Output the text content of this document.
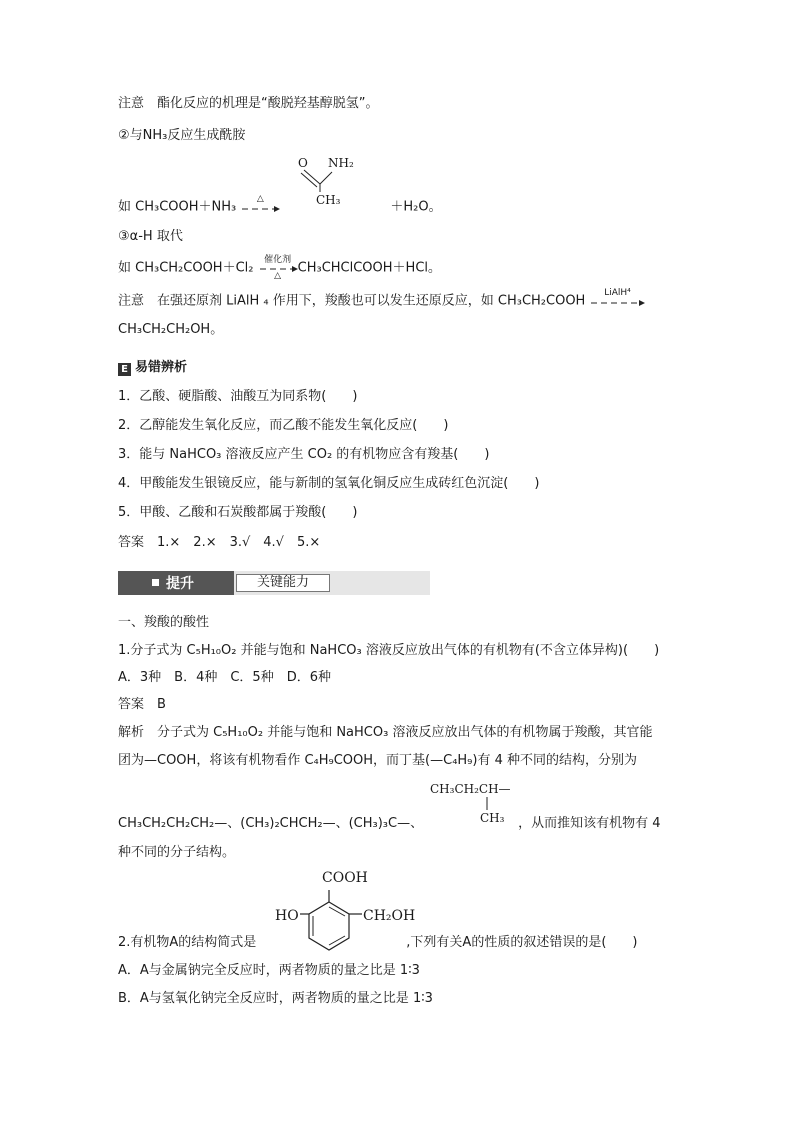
注意　酯化反应的机理是“酸脱羟基醇脱氢”。
②与NH₃反应生成酰胺
O NH₂
CH₃
如 CH₃COOH＋NH₃
△
＋H₂O。
③α-H 取代
如 CH₃CH₂COOH＋Cl₂
催化剂
△
CH₃CHClCOOH＋HCl。
注意　在强还原剂 LiAlH ₄ 作用下，羧酸也可以发生还原反应，如 CH₃CH₂COOH
LiAlH⁴
CH₃CH₂CH₂OH。
E 易错辨析
1．乙酸、硬脂酸、油酸互为同系物(　　)
2．乙醇能发生氧化反应，而乙酸不能发生氧化反应(　　)
3．能与 NaHCO₃ 溶液反应产生 CO₂ 的有机物应含有羧基(　　)
4．甲酸能发生银镜反应，能与新制的氢氧化铜反应生成砖红色沉淀(　　)
5．甲酸、乙酸和石炭酸都属于羧酸(　　)
答案　1.×　2.×　3.√　4.√　5.×
提升	关键能力
一、羧酸的酸性
1.分子式为 C₅H₁₀O₂ 并能与饱和 NaHCO₃ 溶液反应放出气体的有机物有(不含立体异构)(　　)
A．3种　B．4种　C．5种　D．6种
答案　B
解析　分子式为 C₅H₁₀O₂ 并能与饱和 NaHCO₃ 溶液反应放出气体的有机物属于羧酸，其官能
团为—COOH，将该有机物看作 C₄H₉COOH，而丁基(—C₄H₉)有 4 种不同的结构，分别为
CH₃CH₂CH—
CH₃
CH₃CH₂CH₂CH₂—、(CH₃)₂CHCH₂—、(CH₃)₃C—、	，从而推知该有机物有 4
种不同的分子结构。
COOH
HO	CH₂OH
2.有机物A的结构简式是	,下列有关A的性质的叙述错误的是(　　)
A．A与金属钠完全反应时，两者物质的量之比是 1∶3
B．A与氢氧化钠完全反应时，两者物质的量之比是 1∶3
